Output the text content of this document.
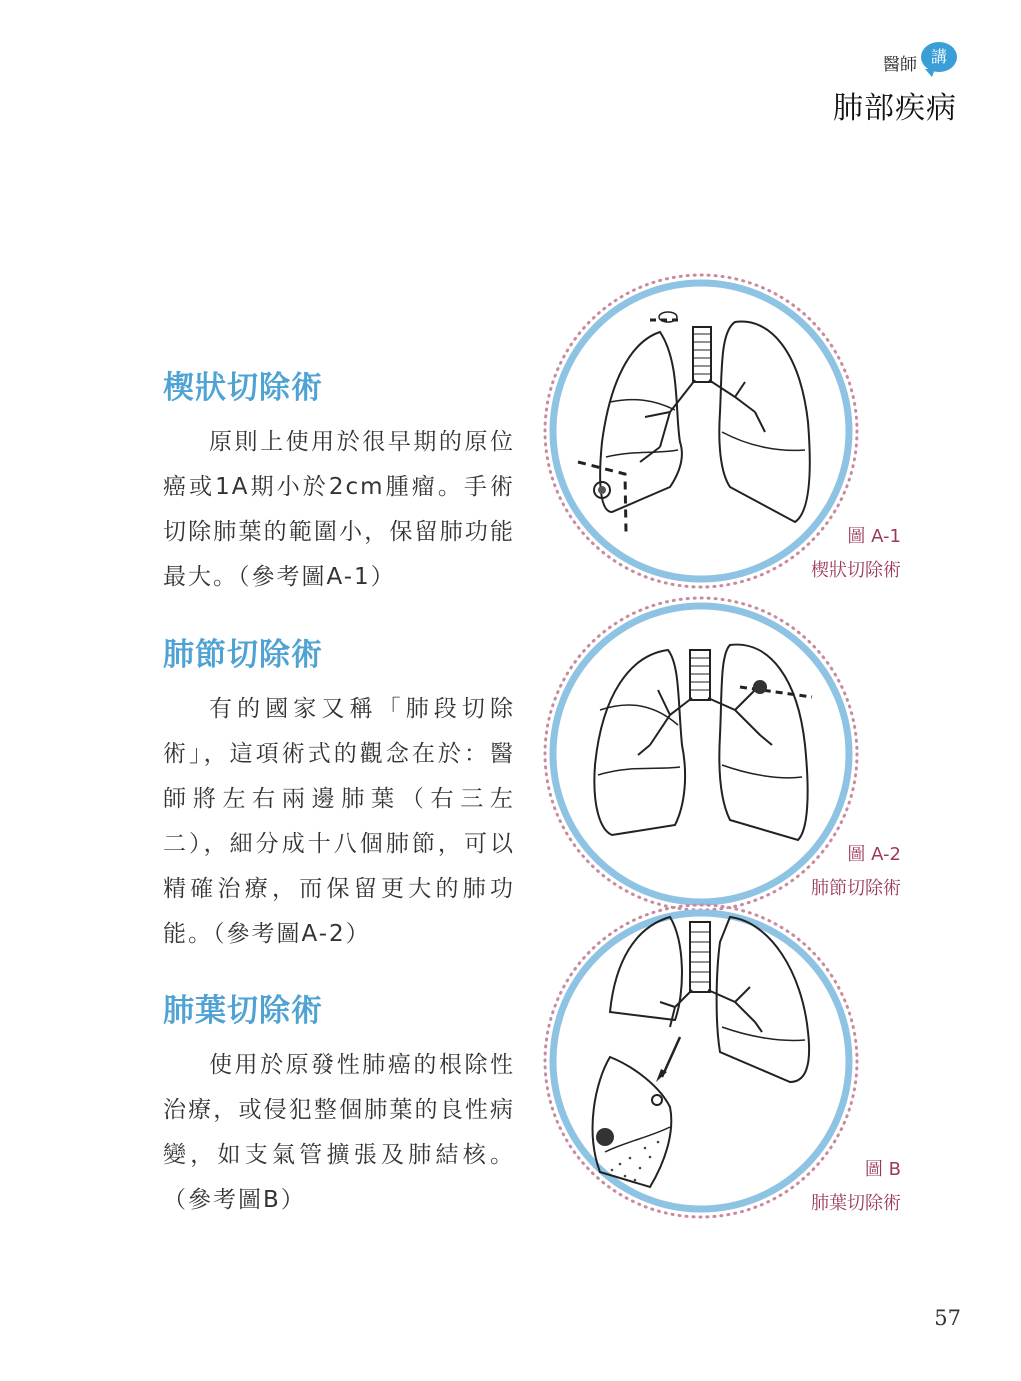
醫師 講
肺部疾病
楔狀切除術
原則上使用於很早期的原位癌或1A期小於2cm腫瘤。手術切除肺葉的範圍小，保留肺功能最大。（參考圖A-1）
肺節切除術
有的國家又稱「肺段切除術」，這項術式的觀念在於：醫師將左右兩邊肺葉（右三左二），細分成十八個肺節，可以精確治療，而保留更大的肺功能。（參考圖A-2）
肺葉切除術
使用於原發性肺癌的根除性治療，或侵犯整個肺葉的良性病變，如支氣管擴張及肺結核。（參考圖B）
圖 A-1
楔狀切除術
圖 A-2
肺節切除術
圖 B
肺葉切除術
57
